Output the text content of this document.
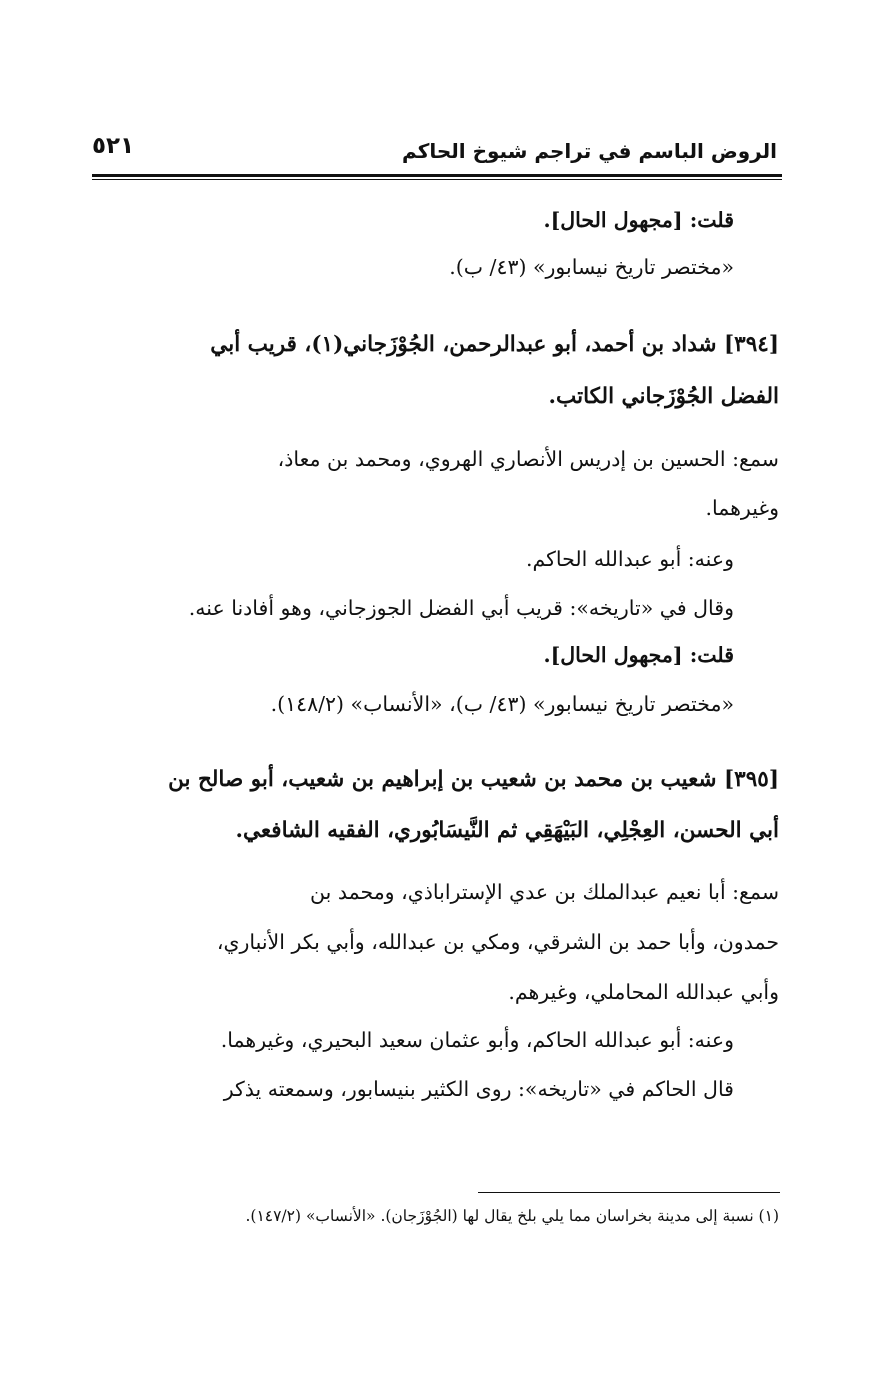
الروض الباسم في تراجم شيوخ الحاكم
٥٢١
قلت: [مجهول الحال].
«مختصر تاريخ نيسابور» (٤٣/ ب).
[٣٩٤] شداد بن أحمد، أبو عبدالرحمن، الجُوْزَجاني(١)، قريب أبي
الفضل الجُوْزَجاني الكاتب.
سمع: الحسين بن إدريس الأنصاري الهروي، ومحمد بن معاذ،
وغيرهما.
وعنه: أبو عبدالله الحاكم.
وقال في «تاريخه»: قريب أبي الفضل الجوزجاني، وهو أفادنا عنه.
قلت: [مجهول الحال].
«مختصر تاريخ نيسابور» (٤٣/ ب)، «الأنساب» (١٤٨/٢).
[٣٩٥] شعيب بن محمد بن شعيب بن إبراهيم بن شعيب، أبو صالح بن
أبي الحسن، العِجْلِي، البَيْهَقِي ثم النَّيسَابُوري، الفقيه الشافعي.
سمع: أبا نعيم عبدالملك بن عدي الإستراباذي، ومحمد بن
حمدون، وأبا حمد بن الشرقي، ومكي بن عبدالله، وأبي بكر الأنباري،
وأبي عبدالله المحاملي، وغيرهم.
وعنه: أبو عبدالله الحاكم، وأبو عثمان سعيد البحيري، وغيرهما.
قال الحاكم في «تاريخه»: روى الكثير بنيسابور، وسمعته يذكر
(١) نسبة إلى مدينة بخراسان مما يلي بلخ يقال لها (الجُوْزَجان). «الأنساب» (١٤٧/٢).
